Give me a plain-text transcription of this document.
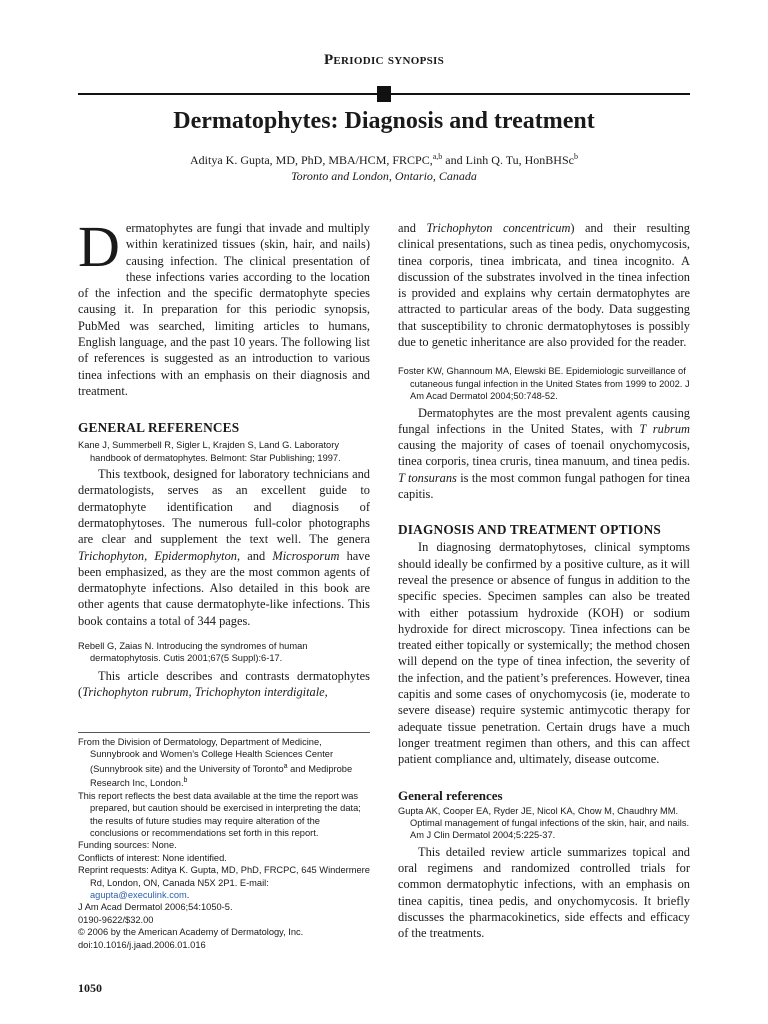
Periodic synopsis
Dermatophytes: Diagnosis and treatment
Aditya K. Gupta, MD, PhD, MBA/HCM, FRCPC,$^{a,b}$ and Linh Q. Tu, HonBHSc$^b$
Toronto and London, Ontario, Canada

Dermatophytes are fungi that invade and multiply within keratinized tissues (skin, hair, and nails) causing infection. The clinical presentation of these infections varies according to the location of the infection and the specific dermatophyte species causing it. In preparation for this periodic synopsis, PubMed was searched, limiting articles to humans, English language, and the past 10 years. The following list of references is suggested as an introduction to various tinea infections with an emphasis on their diagnosis and treatment.

GENERAL REFERENCES

Kane J, Summerbell R, Sigler L, Krajden S, Land G. Laboratory handbook of dermatophytes. Belmont: Star Publishing; 1997.

This textbook, designed for laboratory technicians and dermatologists, serves as an excellent guide to dermatophyte identification and diagnosis of dermatophytoses. The numerous full-color photographs are clear and supplement the text well. The genera Trichophyton, Epidermophyton, and Microsporum have been emphasized, as they are the most common agents of dermatophyte infections. Also detailed in this book are other agents that cause dermatophyte-like infections. This book contains a total of 344 pages.

Rebell G, Zaias N. Introducing the syndromes of human dermatophytosis. Cutis 2001;67(5 Suppl):6-17.

This article describes and contrasts dermatophytes (Trichophyton rubrum, Trichophyton interdigitale,

From the Division of Dermatology, Department of Medicine, Sunnybrook and Women’s College Health Sciences Center (Sunnybrook site) and the University of Toronto$^a$ and Mediprobe Research Inc, London.$^b$

This report reflects the best data available at the time the report was prepared, but caution should be exercised in interpreting the data; the results of future studies may require alteration of the conclusions or recommendations set forth in this report.

Funding sources: None.

Conflicts of interest: None identified.

Reprint requests: Aditya K. Gupta, MD, PhD, FRCPC, 645 Windermere Rd, London, ON, Canada N5X 2P1. E-mail: agupta@execulink.com.

J Am Acad Dermatol 2006;54:1050-5.

0190-9622/$32.00

© 2006 by the American Academy of Dermatology, Inc.

doi:10.1016/j.jaad.2006.01.016

and Trichophyton concentricum) and their resulting clinical presentations, such as tinea pedis, onychomycosis, tinea corporis, tinea imbricata, and tinea incognito. A discussion of the substrates involved in the tinea infection is provided and explains why certain dermatophytes are attracted to particular areas of the body. Data suggesting that susceptibility to chronic dermatophytoses is possibly due to genetic inheritance are also provided for the reader.

Foster KW, Ghannoum MA, Elewski BE. Epidemiologic surveillance of cutaneous fungal infection in the United States from 1999 to 2002. J Am Acad Dermatol 2004;50:748-52.

Dermatophytes are the most prevalent agents causing fungal infections in the United States, with T rubrum causing the majority of cases of toenail onychomycosis, tinea corporis, tinea cruris, tinea manuum, and tinea pedis. T tonsurans is the most common fungal pathogen for tinea capitis.

DIAGNOSIS AND TREATMENT OPTIONS

In diagnosing dermatophytoses, clinical symptoms should ideally be confirmed by a positive culture, as it will reveal the presence or absence of fungus in addition to the specific species. Specimen samples can also be treated with either potassium hydroxide (KOH) or sodium hydroxide for direct microscopy. Tinea infections can be treated either topically or systemically; the method chosen will depend on the type of tinea infection, the severity of the infection, and the patient’s preferences. However, tinea capitis and some cases of onychomycosis (ie, moderate to severe disease) require systemic antimycotic therapy for adequate tissue penetration. Certain drugs have a much longer treatment regimen than others, and this can affect patient compliance and, ultimately, disease outcome.

General references

Gupta AK, Cooper EA, Ryder JE, Nicol KA, Chow M, Chaudhry MM. Optimal management of fungal infections of the skin, hair, and nails. Am J Clin Dermatol 2004;5:225-37.

This detailed review article summarizes topical and oral regimens and randomized controlled trials for common dermatophytic infections, with an emphasis on tinea capitis, tinea pedis, and onychomycosis. It briefly discusses the pharmacokinetics, side effects and efficacy of the treatments.

1050
